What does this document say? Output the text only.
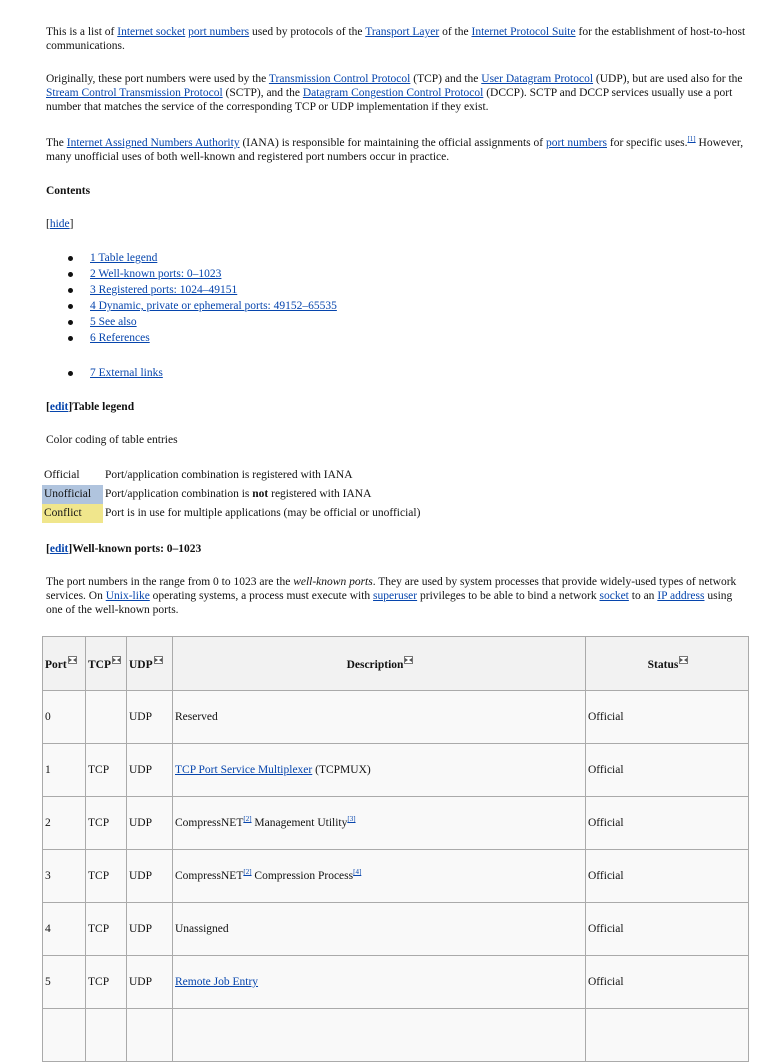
This is a list of Internet socket port numbers used by protocols of the Transport Layer of the Internet Protocol Suite for the establishment of host-to-host communications.

Originally, these port numbers were used by the Transmission Control Protocol (TCP) and the User Datagram Protocol (UDP), but are used also for the Stream Control Transmission Protocol (SCTP), and the Datagram Congestion Control Protocol (DCCP). SCTP and DCCP services usually use a port number that matches the service of the corresponding TCP or UDP implementation if they exist.

The Internet Assigned Numbers Authority (IANA) is responsible for maintaining the official assignments of port numbers for specific uses.[1] However, many unofficial uses of both well-known and registered port numbers occur in practice.

Contents
[hide]
1 Table legend
2 Well-known ports: 0–1023
3 Registered ports: 1024–49151
4 Dynamic, private or ephemeral ports: 49152–65535
5 See also
6 References
7 External links
[edit]Table legend
Color coding of table entries
Official	Port/application combination is registered with IANA
Unofficial	Port/application combination is not registered with IANA
Conflict	Port is in use for multiple applications (may be official or unofficial)
[edit]Well-known ports: 0–1023

The port numbers in the range from 0 to 1023 are the well-known ports. They are used by system processes that provide widely-used types of network services. On Unix-like operating systems, a process must execute with superuser privileges to be able to bind a network socket to an IP address using one of the well-known ports.

Port	TCP	UDP	Description	Status
0		UDP	Reserved	Official
1	TCP	UDP	TCP Port Service Multiplexer (TCPMUX)	Official
2	TCP	UDP	CompressNET[2] Management Utility[3]	Official
3	TCP	UDP	CompressNET[2] Compression Process[4]	Official
4	TCP	UDP	Unassigned	Official
5	TCP	UDP	Remote Job Entry	Official
